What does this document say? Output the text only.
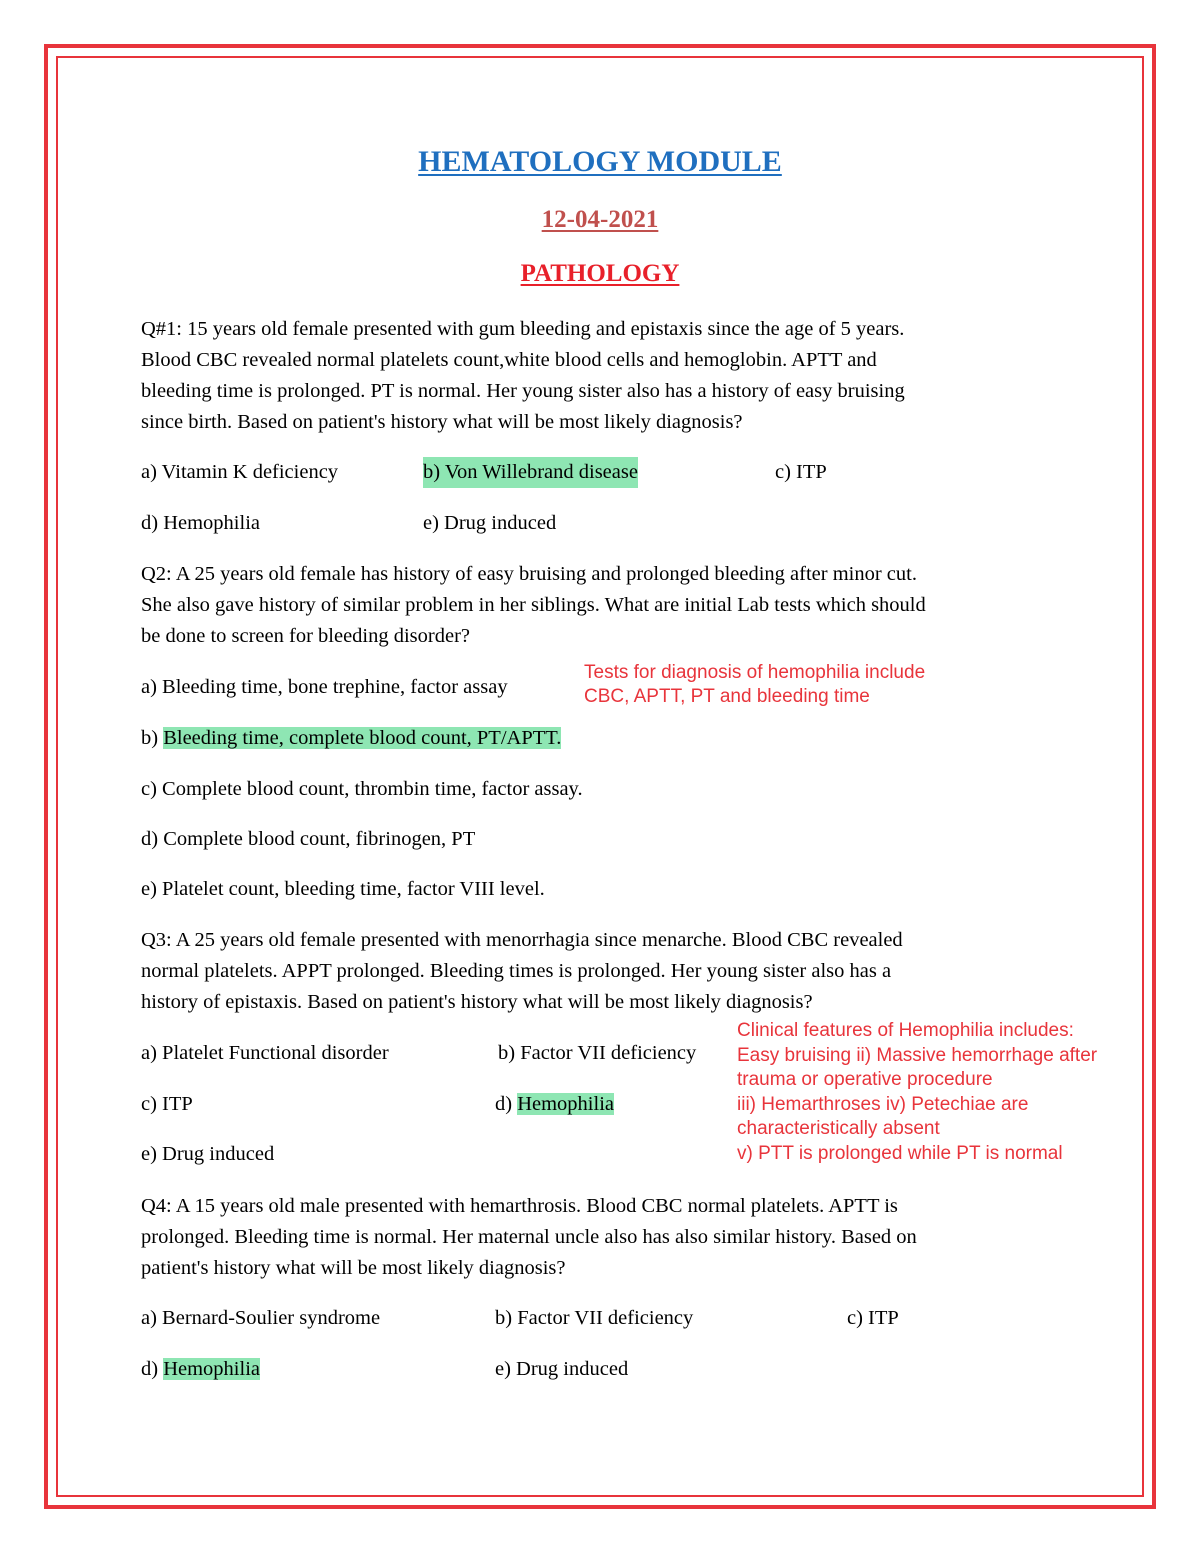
HEMATOLOGY MODULE
12-04-2021
PATHOLOGY
Q#1: 15 years old female presented with gum bleeding and epistaxis since the age of 5 years.
Blood CBC revealed normal platelets count,white blood cells and hemoglobin. APTT and
bleeding time is prolonged. PT is normal. Her young sister also has a history of easy bruising
since birth. Based on patient's history what will be most likely diagnosis?
a) Vitamin K deficiency	b) Von Willebrand disease	c) ITP
d) Hemophilia	e) Drug induced
Q2: A 25 years old female has history of easy bruising and prolonged bleeding after minor cut.
She also gave history of similar problem in her siblings. What are initial Lab tests which should
be done to screen for bleeding disorder?
a) Bleeding time, bone trephine, factor assay
Tests for diagnosis of hemophilia include
CBC, APTT, PT and bleeding time
b) Bleeding time, complete blood count, PT/APTT.
c) Complete blood count, thrombin time, factor assay.
d) Complete blood count, fibrinogen, PT
e) Platelet count, bleeding time, factor VIII level.
Q3: A 25 years old female presented with menorrhagia since menarche. Blood CBC revealed
normal platelets. APPT prolonged. Bleeding times is prolonged. Her young sister also has a
history of epistaxis. Based on patient's history what will be most likely diagnosis?
a) Platelet Functional disorder	b) Factor VII deficiency
c) ITP	d) Hemophilia
e) Drug induced
Clinical features of Hemophilia includes:
Easy bruising ii) Massive hemorrhage after
trauma or operative procedure
iii) Hemarthroses iv) Petechiae are
characteristically absent
v) PTT is prolonged while PT is normal
Q4: A 15 years old male presented with hemarthrosis. Blood CBC normal platelets. APTT is
prolonged. Bleeding time is normal. Her maternal uncle also has also similar history. Based on
patient's history what will be most likely diagnosis?
a) Bernard-Soulier syndrome	b) Factor VII deficiency	c) ITP
d) Hemophilia	e) Drug induced
